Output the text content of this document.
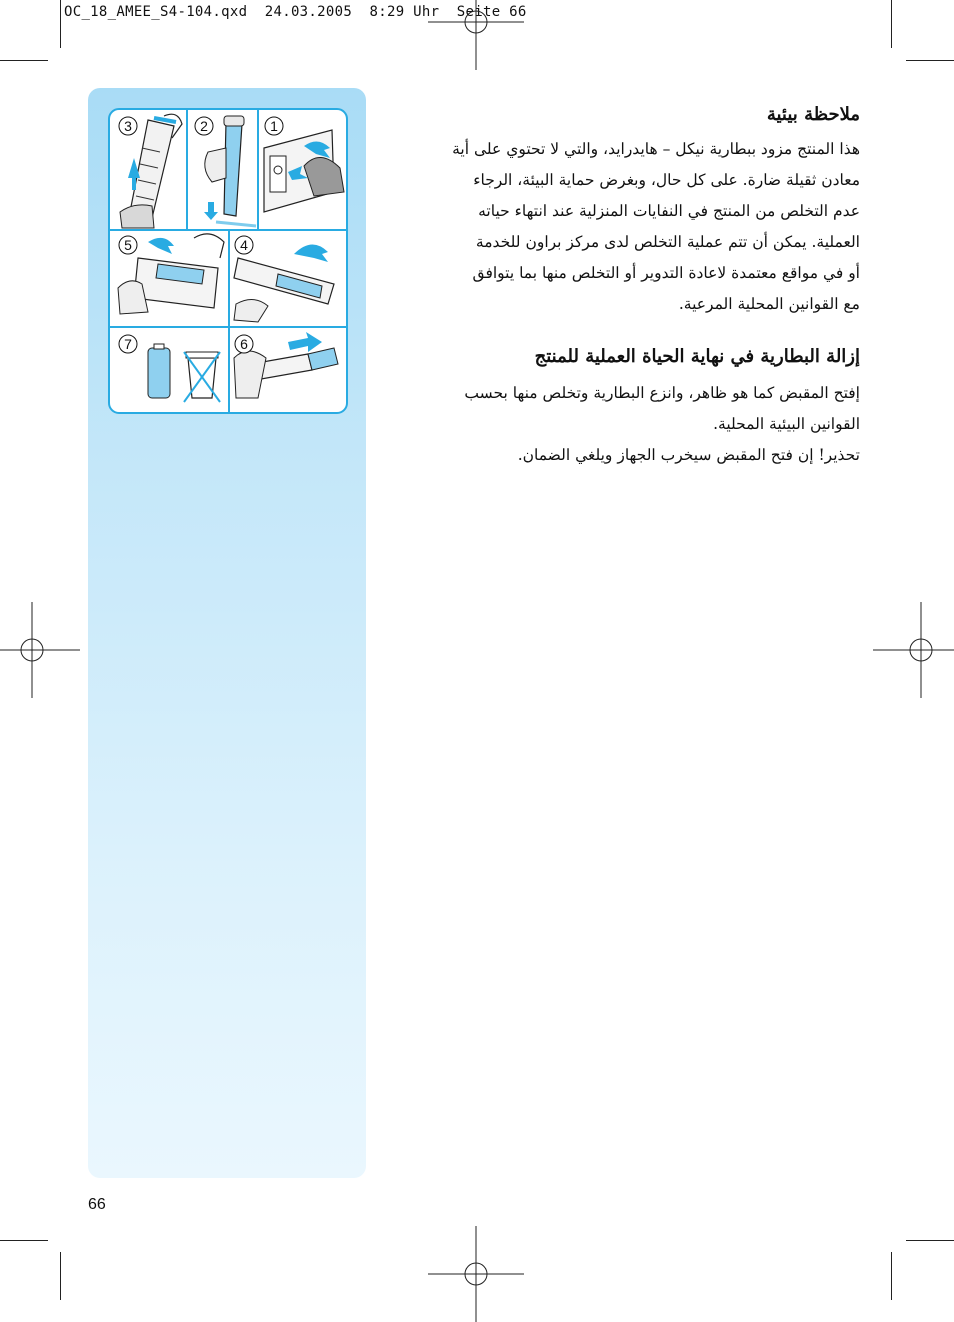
OC_18_AMEE_S4-104.qxd  24.03.2005  8:29 Uhr  Seite 66
3	2	1
5	4
7	6
ملاحظة بيئية
هذا المنتج مزود ببطارية نيكل – هايدرايد، والتي لا تحتوي على أية
معادن ثقيلة ضارة. على كل حال، وبغرض حماية البيئة، الرجاء
عدم التخلص من المنتج في النفايات المنزلية عند انتهاء حياته
العملية. يمكن أن تتم عملية التخلص لدى مركز براون للخدمة
أو في مواقع معتمدة لاعادة التدوير أو التخلص منها بما يتوافق
مع القوانين المحلية المرعية.
إزالة البطارية في نهاية الحياة العملية للمنتج
إفتح المقبض كما هو ظاهر، وانزع البطارية وتخلص منها بحسب
القوانين البيئية المحلية.
تحذير! إن فتح المقبض سيخرب الجهاز ويلغي الضمان.
66
